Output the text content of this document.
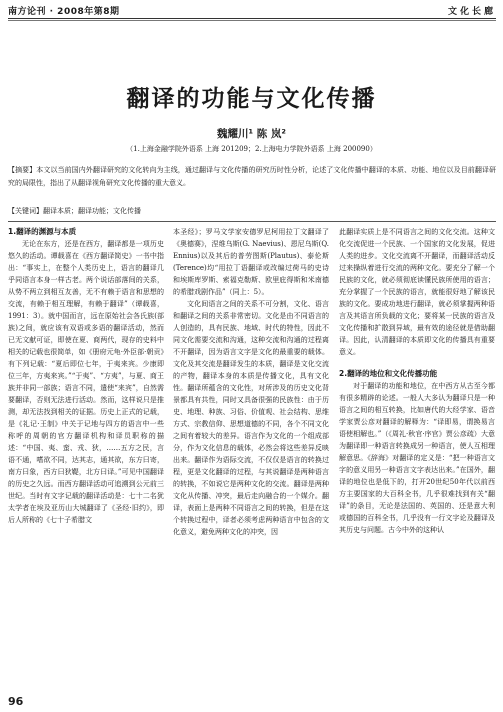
南方论刊 · 2008年第8期	文化长廊
翻译的功能与文化传播
魏耀川¹ 陈 岚²
（1.上海金融学院外语系 上海 201209；2.上海电力学院外语系 上海 200090）
【摘要】本文以当前国内外翻译研究的文化转向为主线，通过翻译与文化传播的研究历时性分析，论述了文化传播中翻译的本质、功能、地位以及目前翻译研究的局限性，指出了从翻译视角研究文化传播的重大意义。
【关键词】翻译本质；翻译功能；文化传播
1.翻译的渊源与本质

无论在东方，还是在西方，翻译都是一项历史悠久的活动。谭载喜在《西方翻译简史》一书中指出：“事实上，在整个人类历史上，语言的翻译几乎同语言本身一样古老。两个说话部落间的关系，从势不两立到相互友善，无不有赖于语言和思想的交流，有赖于相互理解，有赖于翻译”（谭载喜，1991：3）。就中国而言，远在原始社会各氏族(部族)之间，就应该有双语或多语的翻译活动，然而已无文献可证，即使在夏、商两代，现存的史料中相关的记载也很简单，如《册府元龟·外臣部·朝贡》有下列记载：“夏后即位七年，于夷来宾。少康即位三年，方夷来宾。”“于夷”、“方夷”，与夏、商王族并非同一部族；语言不同，遣使“来宾”，自然需要翻译，否则无法进行活动。然而，这样说只是推测，却无法找到相关的证据。历史上正式的记载，是《礼记·王制》中关于记地与四方的语言中一些称呼的周朝的官方翻译机构和译员职称的描述：“中国、夷、蛮、戎、狄，……五方之民，言语不通，嗜欲不同，达其志，通其欲，东方曰寄，南方曰象，西方曰狄鞮，北方曰译。”可见中国翻译的历史之久远。而西方翻译活动可追溯到公元前三世纪。当时有文字记载的翻译活动是：七十二名犹太学者在埃及亚历山大城翻译了《圣经·旧约》，即后人所称的《七十子希腊文

本圣经》；罗马文学家安德罗尼柯用拉丁文翻译了《奥德赛》，涅维乌斯(G. Naevius)、恩尼乌斯(Q. Ennius)以及其后的普劳图斯(Plautus)、泰伦斯(Terence)均“用拉丁语翻译或改编过荷马的史诗和埃斯库罗斯、索福克勒斯、欧里庇得斯和米南德的希腊戏剧作品”（同上：5）。

文化间语言之间的关系不可分割，文化、语言和翻译之间的关系非常密切。文化是由不同语言的人创造的，具有民族、地域、时代的特性，因此不同文化需要交流和沟通，这种交流和沟通的过程离不开翻译，因为语言文字是文化的最重要的载体。文化及其交流是翻译发生的本质，翻译是文化交流的产物，翻译本身的本质是传播文化，具有文化性。翻译所蕴含的文化性，对所涉及的历史文化背景都具有共性，同时又具备很强的民族性：由于历史、地理、种族、习俗、价值观、社会结构、思维方式、宗教信仰、思想道德的不同，各个不同文化之间有着较大的差异。语言作为文化的一个组成部分，作为文化信息的载体，必然会将这些差异反映出来。翻译作为语际交流，不仅仅是语言的转换过程，更是文化翻译的过程，与其说翻译是两种语言的转换，不如说它是两种文化的交流。翻译是两种文化从传播、冲突，最后走向融合的一个媒介。翻译，表面上是两种不同语言之间的转换，但是在这个转换过程中，译者必须考虑两种语言中包含的文化意义，避免两种文化的冲突，因

此翻译实质上是不同语言之间的文化交流。这种文化交流促进一个民族、一个国家的文化发展，促进人类的进步。文化交流离不开翻译，而翻译活动反过来操纵着进行交流的两种文化。要充分了解一个民族的文化，就必须彻底读懂民族所使用的语言；充分掌握了一个民族的语言，就能很好地了解该民族的文化。要成功地进行翻译，就必须掌握两种语言及其语言所负载的文化；要将某一民族的语言及文化传播和扩散到异域，最有效的途径就是借助翻译。因此，认清翻译的本质即文化的传播具有重要意义。

2.翻译的地位和文化传播功能

对于翻译的功能和地位，在中西方从古至今都有很多精辟的论述。一般人大多认为翻译只是一种语言之间的相互转换，比如唐代的大经学家、语音学家贾公彦对翻译的解释为：“译即易，谓换易言语使相解也。”（《周礼·秋官·序官》贾公彦疏）大意为翻译即一种语言转换成另一种语言，使人互相理解意思。《辞海》对翻译的定义是：“把一种语言文字的意义用另一种语言文字表达出来。”在国外，翻译的地位也是低下的，打开20世纪50年代以前西方主要国家的大百科全书，几乎很难找到有关“翻译”的条目，无论是法国的、英国的、还是意大利或德国的百科全书，几乎没有一行文字论及翻译及其历史与问题。古今中外的这种认

96
